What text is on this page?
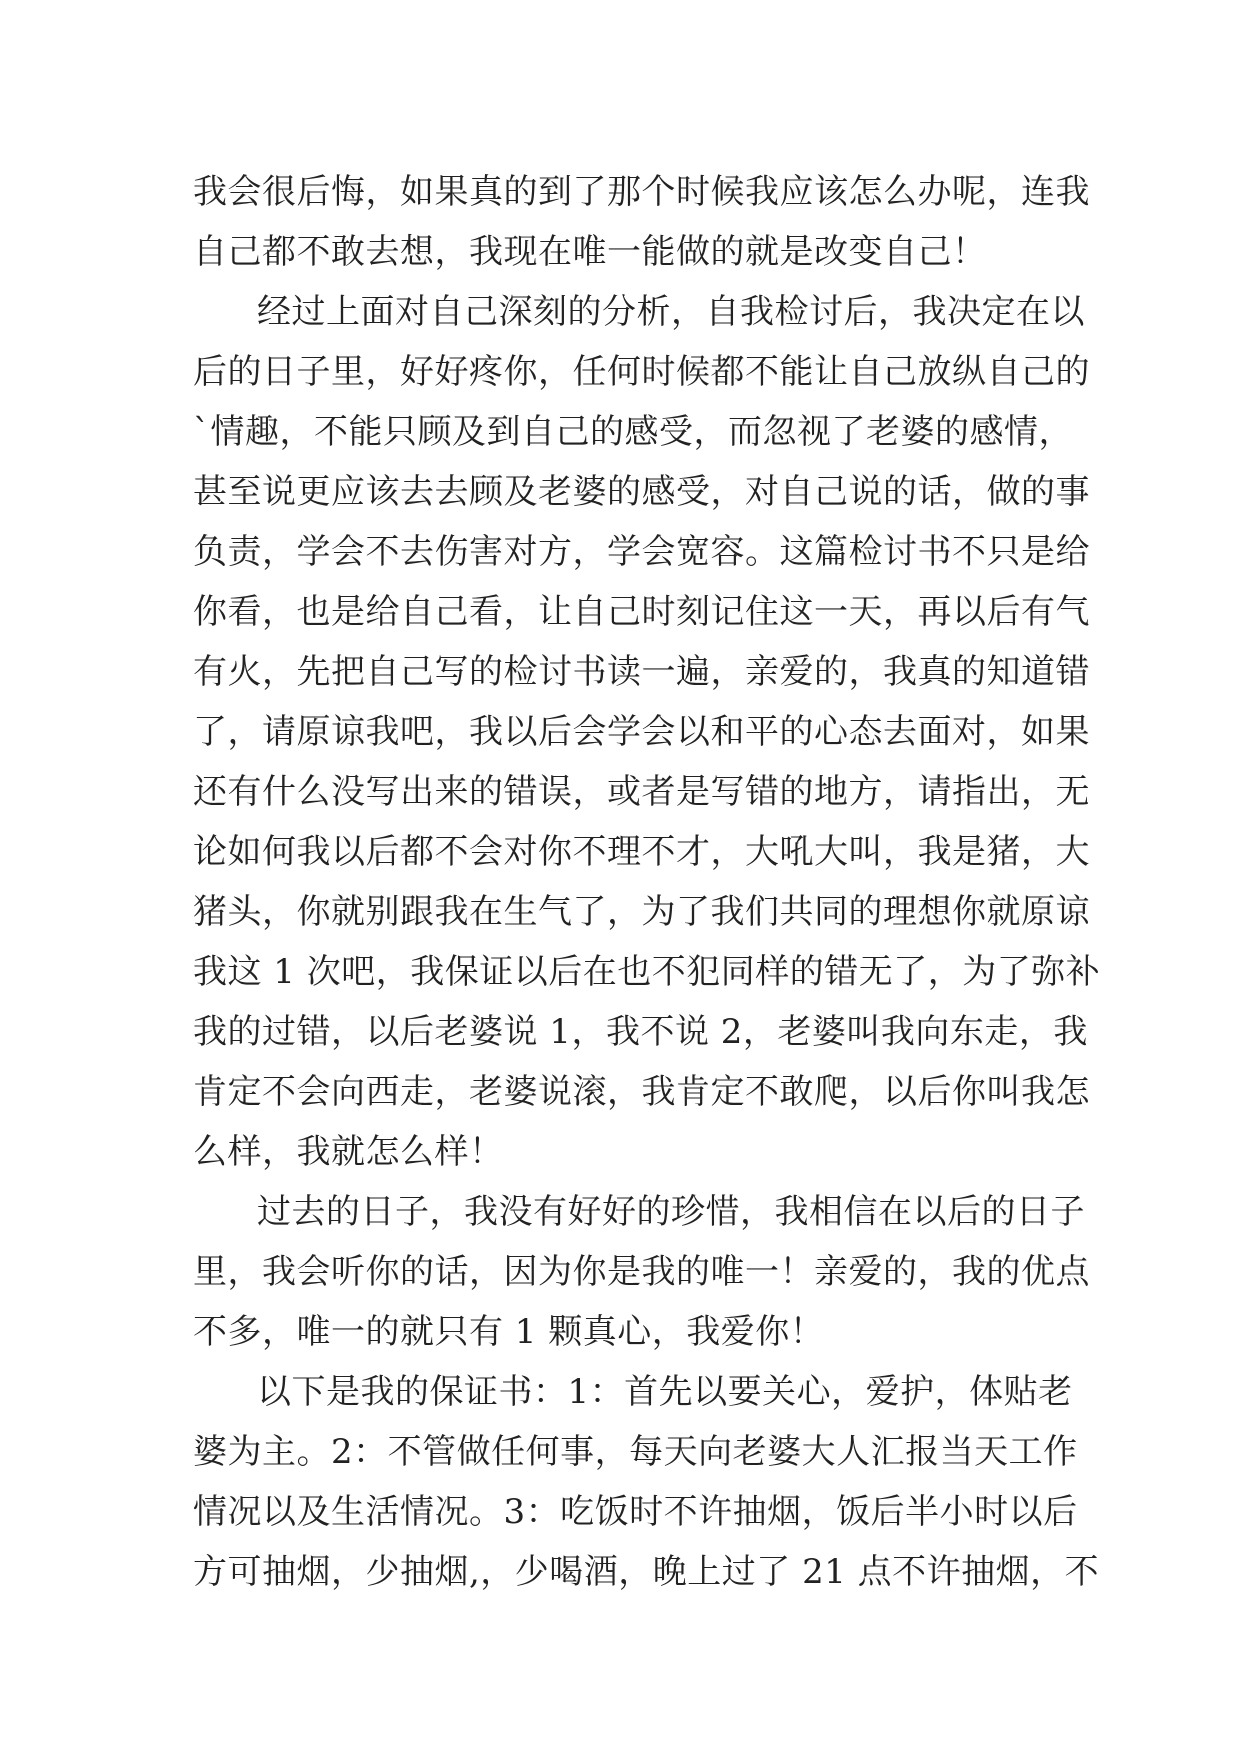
我会很后悔，如果真的到了那个时候我应该怎么办呢，连我
自己都不敢去想，我现在唯一能做的就是改变自己！
经过上面对自己深刻的分析，自我检讨后，我决定在以
后的日子里，好好疼你，任何时候都不能让自己放纵自己的
`情趣，不能只顾及到自己的感受，而忽视了老婆的感情，
甚至说更应该去去顾及老婆的感受，对自己说的话，做的事
负责，学会不去伤害对方，学会宽容。这篇检讨书不只是给
你看，也是给自己看，让自己时刻记住这一天，再以后有气
有火，先把自己写的检讨书读一遍，亲爱的，我真的知道错
了，请原谅我吧，我以后会学会以和平的心态去面对，如果
还有什么没写出来的错误，或者是写错的地方，请指出，无
论如何我以后都不会对你不理不才，大吼大叫，我是猪，大
猪头，你就别跟我在生气了，为了我们共同的理想你就原谅
我这 1 次吧，我保证以后在也不犯同样的错无了，为了弥补
我的过错，以后老婆说 1，我不说 2，老婆叫我向东走，我
肯定不会向西走，老婆说滚，我肯定不敢爬，以后你叫我怎
么样，我就怎么样！
过去的日子，我没有好好的珍惜，我相信在以后的日子
里，我会听你的话，因为你是我的唯一！亲爱的，我的优点
不多，唯一的就只有 1 颗真心，我爱你！
以下是我的保证书：1：首先以要关心，爱护，体贴老
婆为主。2：不管做任何事，每天向老婆大人汇报当天工作
情况以及生活情况。3：吃饭时不许抽烟，饭后半小时以后
方可抽烟，少抽烟,，少喝酒，晚上过了 21 点不许抽烟，不
